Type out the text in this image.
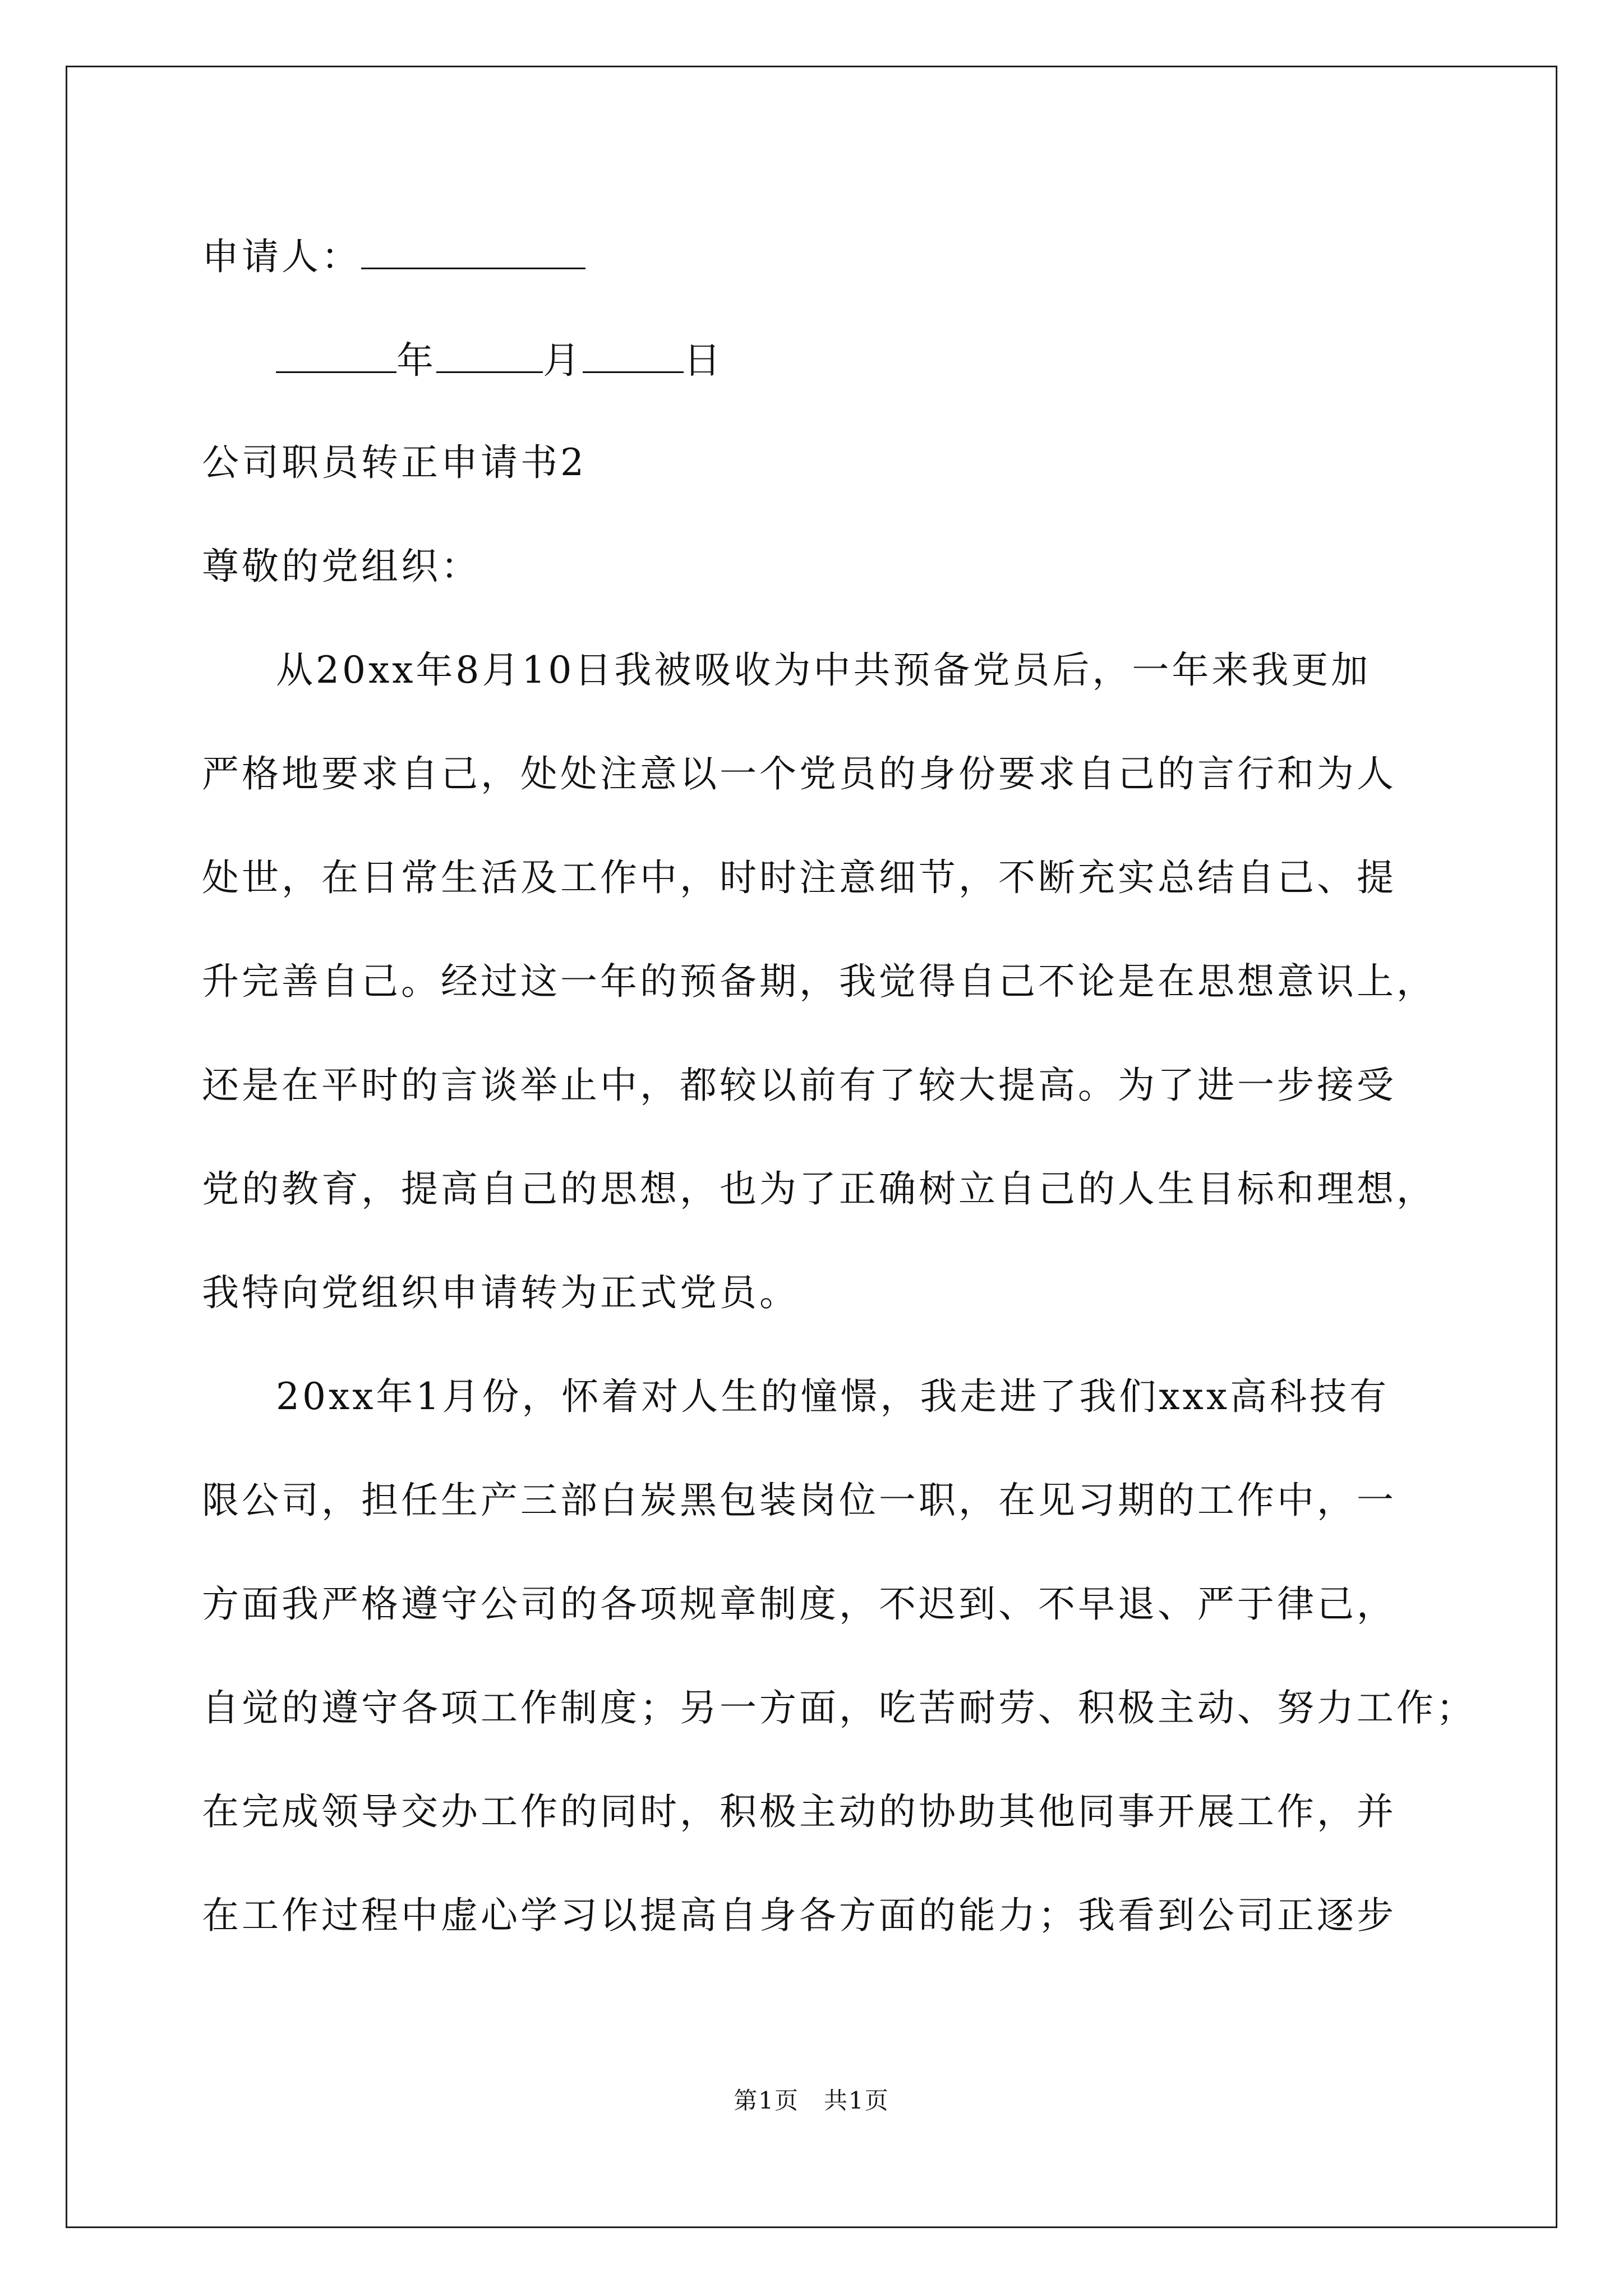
申请人：
年	月	日
公司职员转正申请书2
尊敬的党组织：
从20xx年8月10日我被吸收为中共预备党员后，一年来我更加
严格地要求自己，处处注意以一个党员的身份要求自己的言行和为人
处世，在日常生活及工作中，时时注意细节，不断充实总结自己、提
升完善自己。经过这一年的预备期，我觉得自己不论是在思想意识上，
还是在平时的言谈举止中，都较以前有了较大提高。为了进一步接受
党的教育，提高自己的思想，也为了正确树立自己的人生目标和理想，
我特向党组织申请转为正式党员。
20xx年1月份，怀着对人生的憧憬，我走进了我们xxx高科技有
限公司，担任生产三部白炭黑包装岗位一职，在见习期的工作中，一
方面我严格遵守公司的各项规章制度，不迟到、不早退、严于律己，
自觉的遵守各项工作制度；另一方面，吃苦耐劳、积极主动、努力工作；
在完成领导交办工作的同时，积极主动的协助其他同事开展工作，并
在工作过程中虚心学习以提高自身各方面的能力；我看到公司正逐步
第1页　共1页
